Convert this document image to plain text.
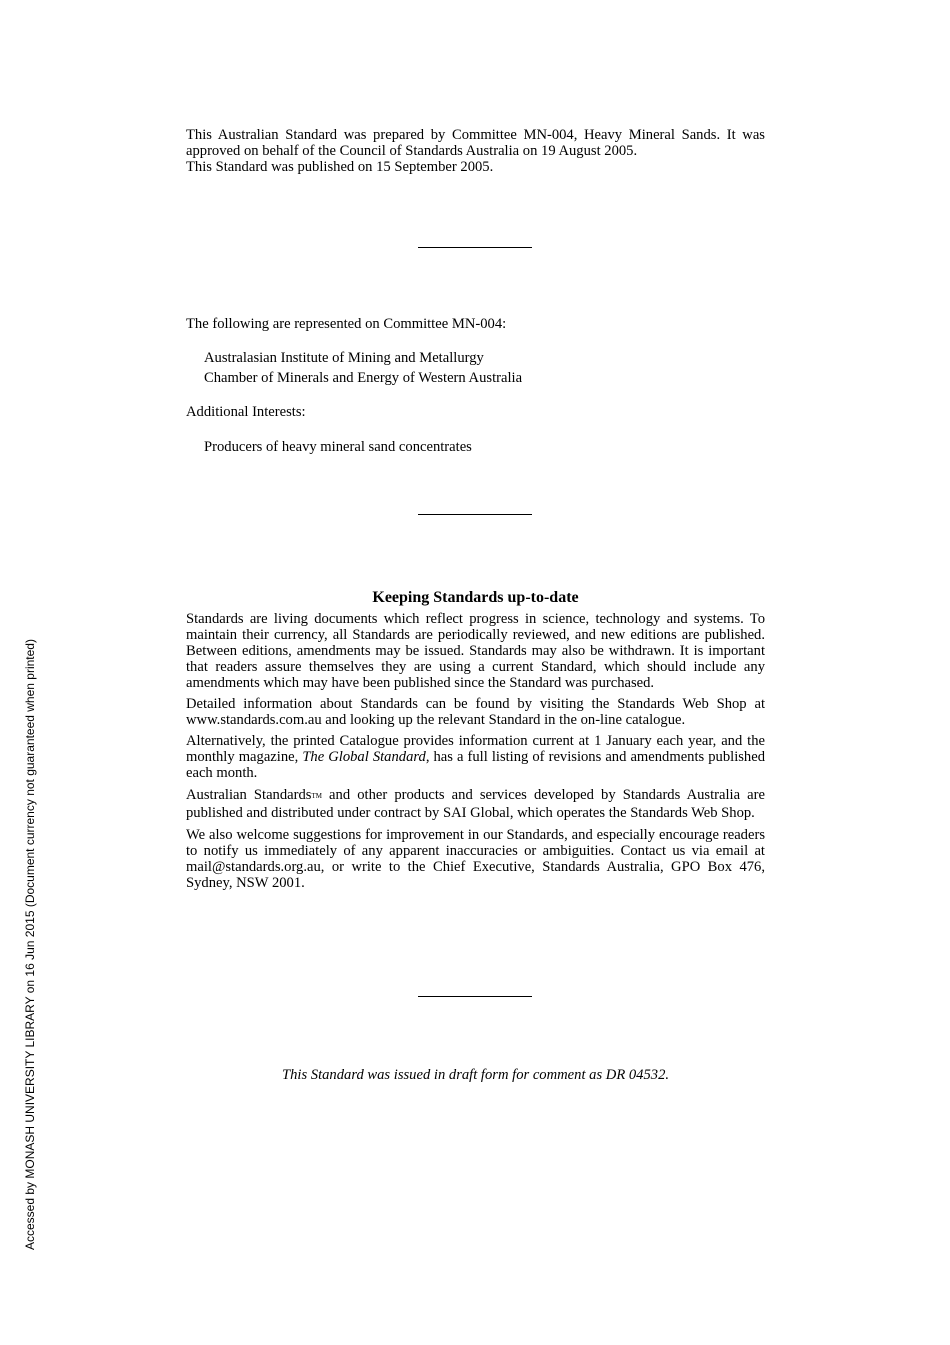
This Australian Standard was prepared by Committee MN-004, Heavy Mineral Sands. It was approved on behalf of the Council of Standards Australia on 19 August 2005.

This Standard was published on 15 September 2005.

The following are represented on Committee MN-004:

Australasian Institute of Mining and Metallurgy
Chamber of Minerals and Energy of Western Australia

Additional Interests:

Producers of heavy mineral sand concentrates
Keeping Standards up-to-date

Standards are living documents which reflect progress in science, technology and systems. To maintain their currency, all Standards are periodically reviewed, and new editions are published. Between editions, amendments may be issued. Standards may also be withdrawn. It is important that readers assure themselves they are using a current Standard, which should include any amendments which may have been published since the Standard was purchased.

Detailed information about Standards can be found by visiting the Standards Web Shop at www.standards.com.au and looking up the relevant Standard in the on-line catalogue.

Alternatively, the printed Catalogue provides information current at 1 January each year, and the monthly magazine, The Global Standard, has a full listing of revisions and amendments published each month.

Australian Standards™ and other products and services developed by Standards Australia are published and distributed under contract by SAI Global, which operates the Standards Web Shop.

We also welcome suggestions for improvement in our Standards, and especially encourage readers to notify us immediately of any apparent inaccuracies or ambiguities. Contact us via email at mail@standards.org.au, or write to the Chief Executive, Standards Australia, GPO Box 476, Sydney, NSW 2001.

This Standard was issued in draft form for comment as DR 04532.
Accessed by MONASH UNIVERSITY LIBRARY on 16 Jun 2015 (Document currency not guaranteed when printed)
